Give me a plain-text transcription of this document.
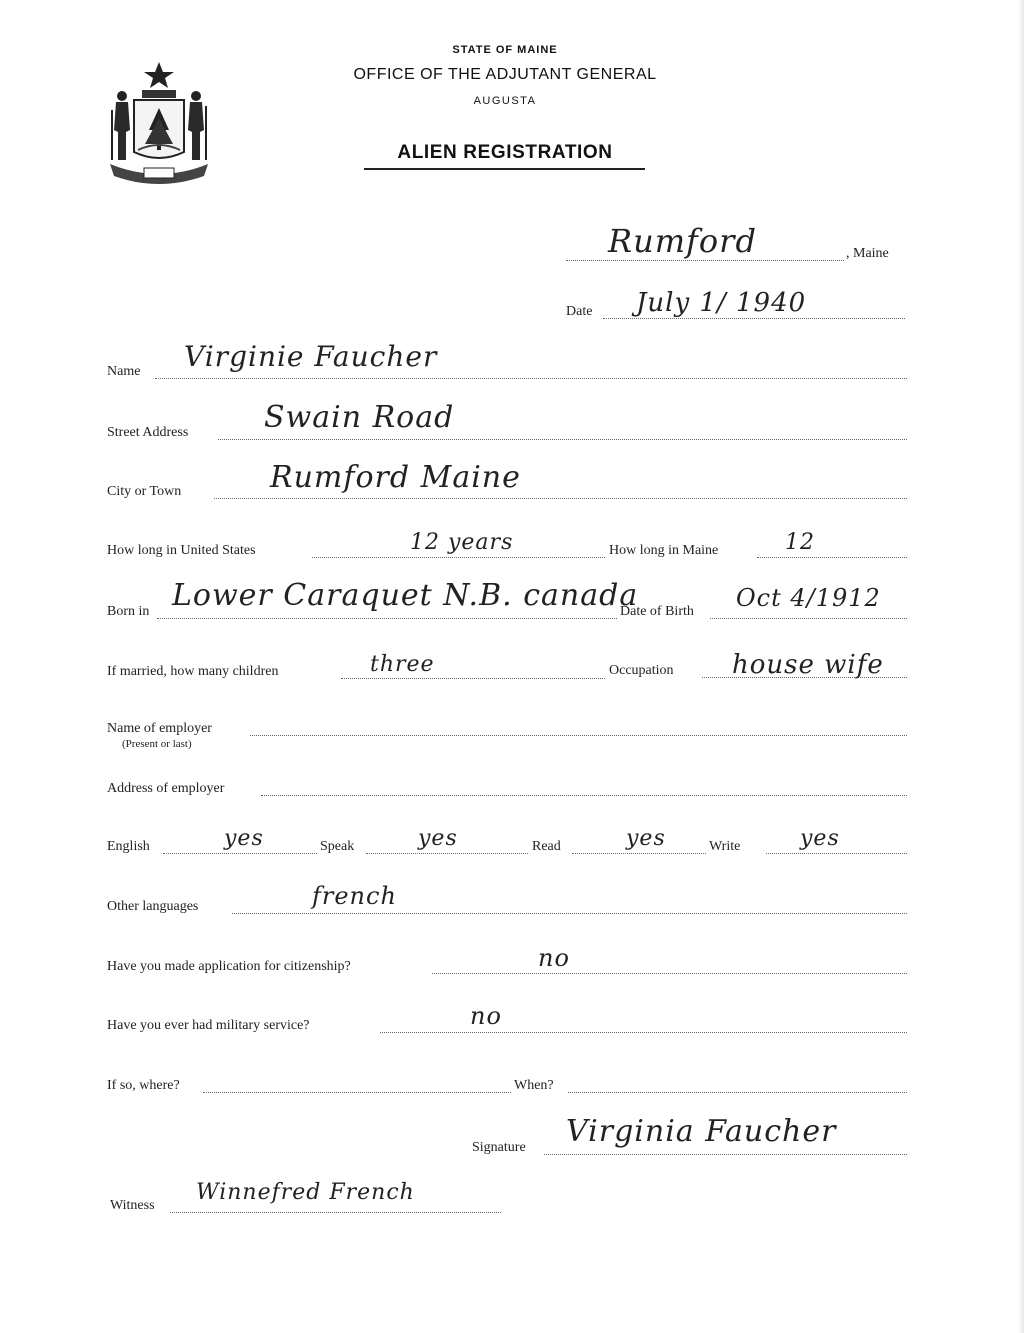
STATE OF MAINE
OFFICE OF THE ADJUTANT GENERAL
AUGUSTA
ALIEN REGISTRATION
Rumford	, Maine
Date July 1/ 1940
Name Virginie Faucher
Street Address	Swain Road
City or Town	Rumford Maine
How long in United States	12 years	How long in Maine	12
Born in Lower Caraquet N.B. canada
Date of Birth Oct 4/1912
If married, how many children	three	Occupation house wife
Name of employer
(Present or last)
Address of employer
English	yes	Speak	yes	Read	yes	Write	yes
Other languages	french
Have you made application for citizenship?	no
Have you ever had military service?	no
If so, where?	When?
Signature Virginia Faucher
Witness
Winnefred French
